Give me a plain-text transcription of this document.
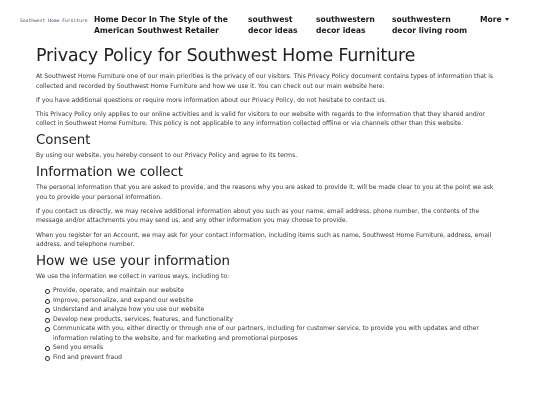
Southwest Home Furniture Home Decor In The Style of the
American Southwest Retailer
southwest
decor ideas
southwestern
decor ideas
southwestern
decor living room
More
Privacy Policy for Southwest Home Furniture

At Southwest Home Furniture one of our main priorities is the privacy of our visitors. This Privacy Policy document contains types of information that is collected and recorded by Southwest Home Furniture and how we use it. You can check out our main website here:

If you have additional questions or require more information about our Privacy Policy, do not hesitate to contact us.

This Privacy Policy only applies to our online activities and is valid for visitors to our website with regards to the information that they shared and/or collect in Southwest Home Furniture. This policy is not applicable to any information collected offline or via channels other than this website.

Consent

By using our website, you hereby consent to our Privacy Policy and agree to its terms.

Information we collect

The personal information that you are asked to provide, and the reasons why you are asked to provide it, will be made clear to you at the point we ask you to provide your personal information.

If you contact us directly, we may receive additional information about you such as your name, email address, phone number, the contents of the message and/or attachments you may send us, and any other information you may choose to provide.

When you register for an Account, we may ask for your contact information, including items such as name, Southwest Home Furniture, address, email address, and telephone number.

How we use your information

We use the information we collect in various ways, including to:

Provide, operate, and maintain our website
Improve, personalize, and expand our website
Understand and analyze how you use our website
Develop new products, services, features, and functionality
Communicate with you, either directly or through one of our partners, including for customer service, to provide you with updates and other information relating to the website, and for marketing and promotional purposes
Send you emails
Find and prevent fraud
